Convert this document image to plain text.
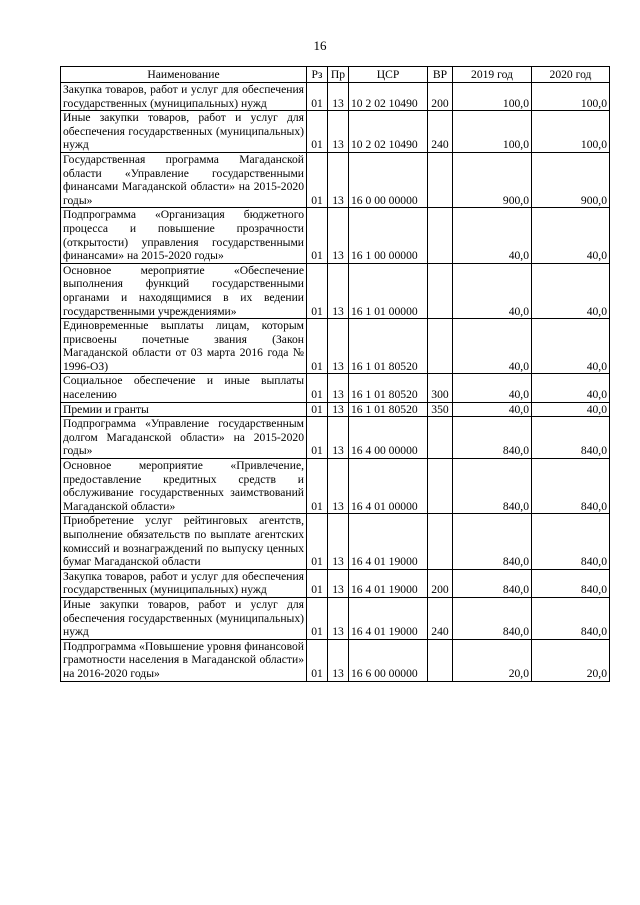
16
Наименование	Рз	Пр	ЦСР	ВР	2019 год	2020 год
Закупка товаров, работ и услуг для обеспечения государственных (муниципальных) нужд	01	13	10 2 02 10490	200	100,0	100,0
Иные закупки товаров, работ и услуг для обеспечения государственных (муниципальных) нужд	01	13	10 2 02 10490	240	100,0	100,0
Государственная программа Магаданской области «Управление государственными финансами Магаданской области» на 2015-2020 годы»	01	13	16 0 00 00000		900,0	900,0
Подпрограмма «Организация бюджетного процесса и повышение прозрачности (открытости) управления государственными финансами» на 2015-2020 годы»	01	13	16 1 00 00000		40,0	40,0
Основное мероприятие «Обеспечение выполнения функций государственными органами и находящимися в их ведении государственными учреждениями»	01	13	16 1 01 00000		40,0	40,0
Единовременные выплаты лицам, которым присвоены почетные звания (Закон Магаданской области от 03 марта 2016 года № 1996-ОЗ)	01	13	16 1 01 80520		40,0	40,0
Социальное обеспечение и иные выплаты населению	01	13	16 1 01 80520	300	40,0	40,0
Премии и гранты	01	13	16 1 01 80520	350	40,0	40,0
Подпрограмма «Управление государственным долгом Магаданской области» на 2015-2020 годы»	01	13	16 4 00 00000		840,0	840,0
Основное мероприятие «Привлечение, предоставление кредитных средств и обслуживание государственных заимствований Магаданской области»	01	13	16 4 01 00000		840,0	840,0
Приобретение услуг рейтинговых агентств, выполнение обязательств по выплате агентских комиссий и вознаграждений по выпуску ценных бумаг Магаданской области	01	13	16 4 01 19000		840,0	840,0
Закупка товаров, работ и услуг для обеспечения государственных (муниципальных) нужд	01	13	16 4 01 19000	200	840,0	840,0
Иные закупки товаров, работ и услуг для обеспечения государственных (муниципальных) нужд	01	13	16 4 01 19000	240	840,0	840,0
Подпрограмма «Повышение уровня финансовой грамотности населения в Магаданской области» на 2016-2020 годы»	01	13	16 6 00 00000		20,0	20,0
